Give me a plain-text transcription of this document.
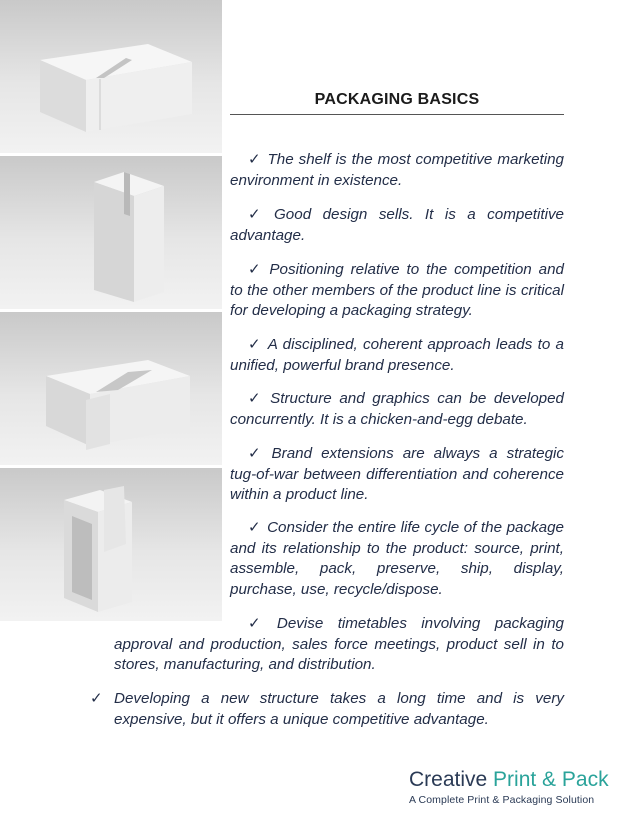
PACKAGING BASICS

✓ The shelf is the most competitive marketing environment in existence.

✓ Good design sells. It is a competitive advantage.

✓ Positioning relative to the competition and to the other members of the product line is critical for developing a packaging strategy.

✓ A disciplined, coherent approach leads to a unified, powerful brand presence.

✓ Structure and graphics can be developed concurrently. It is a chicken-and-egg debate.

✓ Brand extensions are always a strategic tug-of-war between differentiation and coherence within a product line.

✓ Consider the entire life cycle of the package and its relationship to the product: source, print, assemble, pack, preserve, ship, display, purchase, use, recycle/dispose.

✓ Devise timetables involving packaging approval and production, sales force meetings, product sell in to stores, manufacturing, and distribution.

✓ Developing a new structure takes a long time and is very expensive, but it offers a unique competitive advantage.

Creative Print & Pack
A Complete Print & Packaging Solution
